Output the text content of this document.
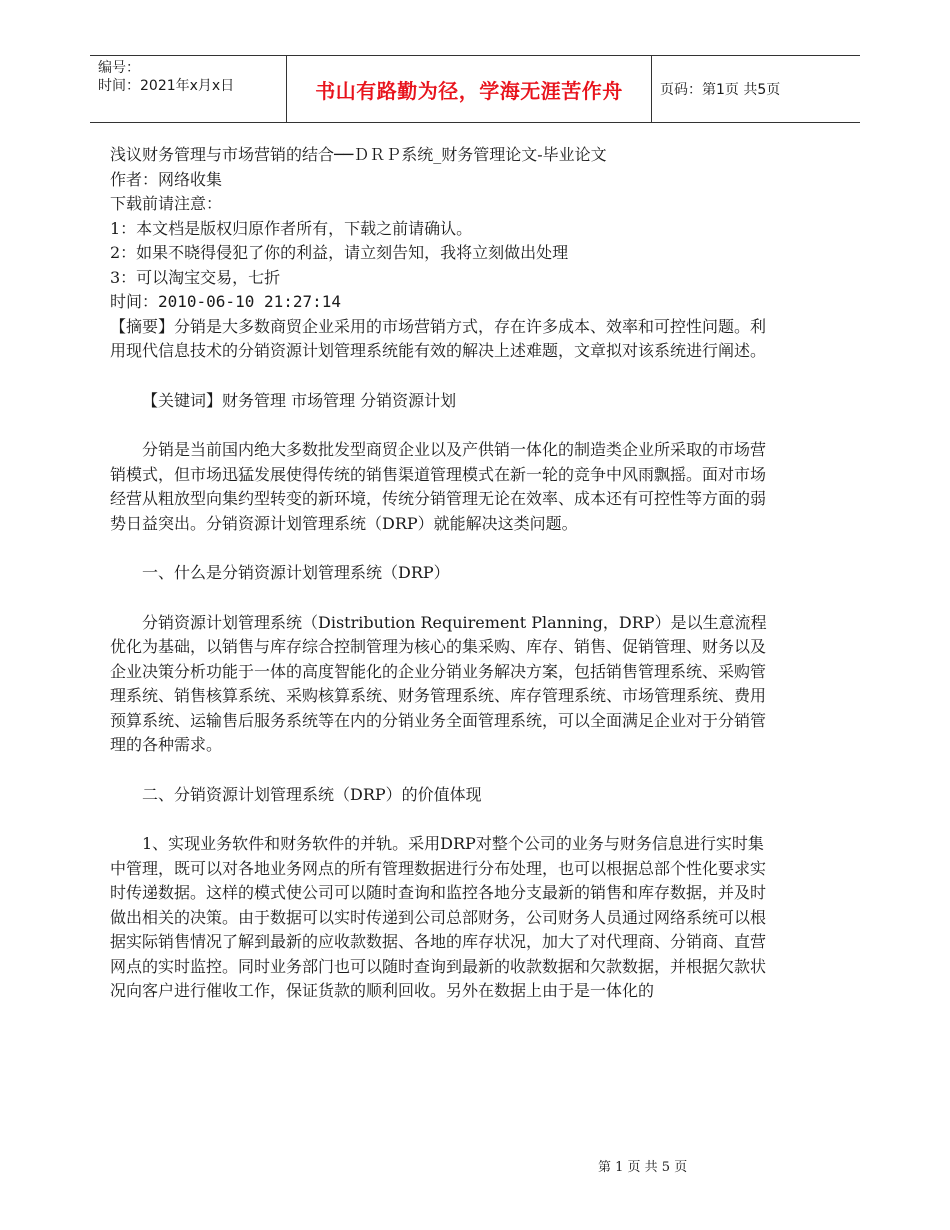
编号：
时间：2021年x月x日	书山有路勤为径，学海无涯苦作舟	页码：第1页 共5页
浅议财务管理与市场营销的结合──ＤＲＰ系统_财务管理论文-毕业论文
作者：网络收集
下载前请注意：
1：本文档是版权归原作者所有，下载之前请确认。
2：如果不晓得侵犯了你的利益，请立刻告知，我将立刻做出处理
3：可以淘宝交易，七折
时间：2010-06-10 21:27:14

【摘要】分销是大多数商贸企业采用的市场营销方式，存在许多成本、效率和可控性问题。利用现代信息技术的分销资源计划管理系统能有效的解决上述难题，文章拟对该系统进行阐述。

【关键词】财务管理 市场管理 分销资源计划

分销是当前国内绝大多数批发型商贸企业以及产供销一体化的制造类企业所采取的市场营销模式，但市场迅猛发展使得传统的销售渠道管理模式在新一轮的竞争中风雨飘摇。面对市场经营从粗放型向集约型转变的新环境，传统分销管理无论在效率、成本还有可控性等方面的弱势日益突出。分销资源计划管理系统（DRP）就能解决这类问题。

一、什么是分销资源计划管理系统（DRP）

分销资源计划管理系统（Distribution Requirement Planning，DRP）是以生意流程优化为基础，以销售与库存综合控制管理为核心的集采购、库存、销售、促销管理、财务以及企业决策分析功能于一体的高度智能化的企业分销业务解决方案，包括销售管理系统、采购管理系统、销售核算系统、采购核算系统、财务管理系统、库存管理系统、市场管理系统、费用预算系统、运输售后服务系统等在内的分销业务全面管理系统，可以全面满足企业对于分销管理的各种需求。

二、分销资源计划管理系统（DRP）的价值体现

1、实现业务软件和财务软件的并轨。采用DRP对整个公司的业务与财务信息进行实时集中管理，既可以对各地业务网点的所有管理数据进行分布处理，也可以根据总部个性化要求实时传递数据。这样的模式使公司可以随时查询和监控各地分支最新的销售和库存数据，并及时做出相关的决策。由于数据可以实时传递到公司总部财务，公司财务人员通过网络系统可以根据实际销售情况了解到最新的应收款数据、各地的库存状况，加大了对代理商、分销商、直营网点的实时监控。同时业务部门也可以随时查询到最新的收款数据和欠款数据，并根据欠款状况向客户进行催收工作，保证货款的顺利回收。另外在数据上由于是一体化的

第 1 页 共 5 页
